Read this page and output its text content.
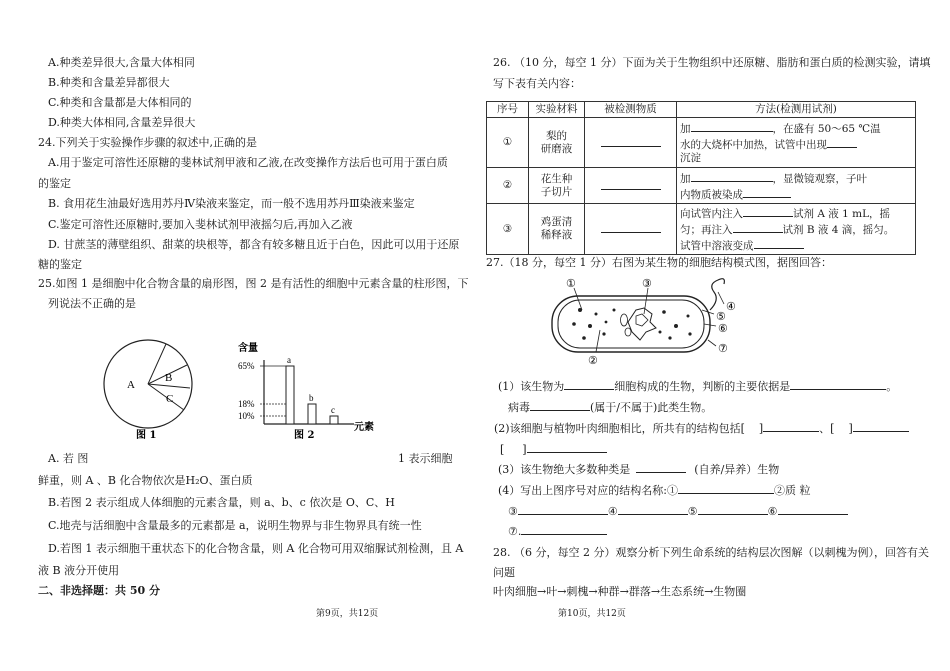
A.种类差异很大,含量大体相同
B.种类和含量差异都很大
C.种类和含量都是大体相同的
D.种类大体相同,含量差异很大
24.下列关于实验操作步骤的叙述中,正确的是
A.用于鉴定可溶性还原糖的斐林试剂甲液和乙液,在改变操作方法后也可用于蛋白质
的鉴定
B. 食用花生油最好选用苏丹Ⅳ染液来鉴定，而一般不选用苏丹Ⅲ染液来鉴定
C.鉴定可溶性还原糖时,要加入斐林试剂甲液摇匀后,再加入乙液
D. 甘蔗茎的薄壁组织、甜菜的块根等，都含有较多糖且近于白色，因此可以用于还原
糖的鉴定
25.如图 1 是细胞中化合物含量的扇形图，图 2 是有活性的细胞中元素含量的柱形图，下
列说法不正确的是
A
B
C
图 1
含量
65%
18%
10%
a
b
c
元素
图 2
A. 若 图	1 表示细胞
鲜重，则 A 、B 化合物依次是H₂O、蛋白质
B.若图 2 表示组成人体细胞的元素含量，则 a、b、c 依次是 O、C、H
C.地壳与活细胞中含量最多的元素都是 a，说明生物界与非生物界具有统一性
D.若图 1 表示细胞干重状态下的化合物含量，则 A 化合物可用双缩脲试剂检测，且 A
液 B 液分开使用
二、非选择题：共 50 分
第9页，共12页
26. （10 分，每空 1 分）下面为关于生物组织中还原糖、脂肪和蛋白质的检测实验，请填
写下表有关内容：
序号	实验材料	被检测物质	方法(检测用试剂)
①	梨的
研磨液		加 ，在盛有 50～65 ℃温
水的大烧杯中加热，试管中出现
沉淀
②	花生种
子切片		加 ，显微镜观察，子叶
内物质被染成
③	鸡蛋清
稀释液		向试管内注入 试剂 A 液 1 mL，摇
匀；再注入 试剂 B 液 4 滴，摇匀。
试管中溶液变成
27.（18 分，每空 1 分）右图为某生物的细胞结构模式图，据图回答：
①
②
③
④
⑤
⑥
⑦
(1）该生物为	细胞构成的生物，判断的主要依据是	。
病毒	(属于/不属于)此类生物。
(2)该细胞与植物叶肉细胞相比，所共有的结构包括[ ]	、[ ]
[ ]
(3）该生物绝大多数种类是	(自养/异养）生物
(4）写出上图序号对应的结构名称:①	②质 粒
③	④	⑤	⑥
⑦.
28. （6 分，每空 2 分）观察分析下列生命系统的结构层次图解（以刺槐为例），回答有关
问题
叶肉细胞→叶→刺槐→种群→群落→生态系统→生物圈
第10页，共12页
